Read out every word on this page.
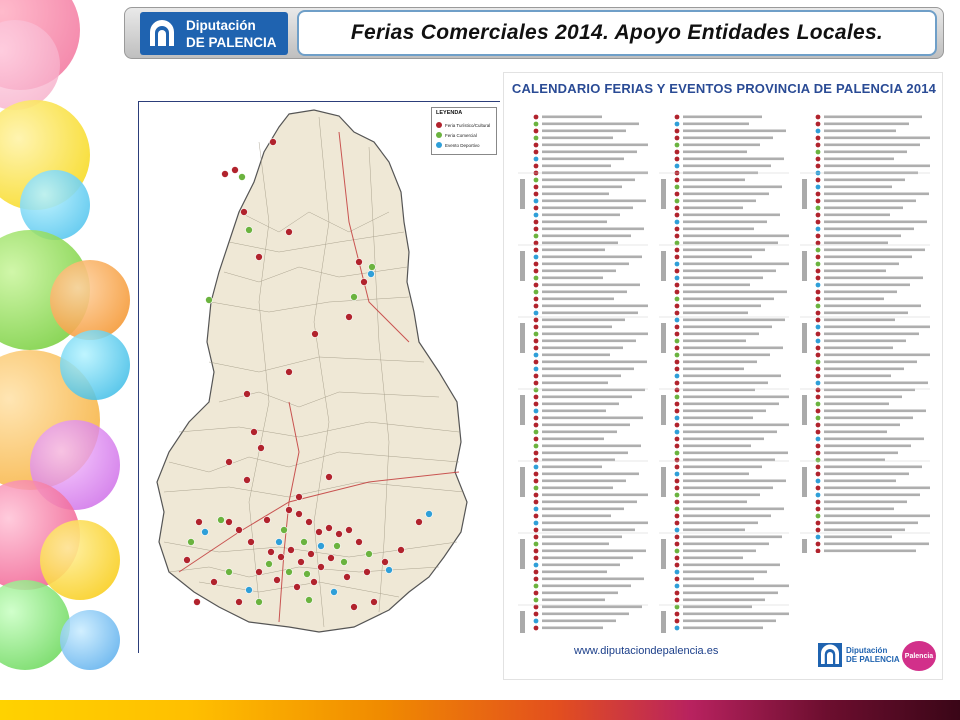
Diputación
DE PALENCIA	Ferias Comerciales 2014. Apoyo Entidades Locales.
LEYENDA
Feria Turístico/Cultural
Feria Comercial
Evento Deportivo
CALENDARIO FERIAS Y EVENTOS PROVINCIA DE PALENCIA 2014
www.diputaciondepalencia.es	Diputación
DE PALENCIA Palencia
